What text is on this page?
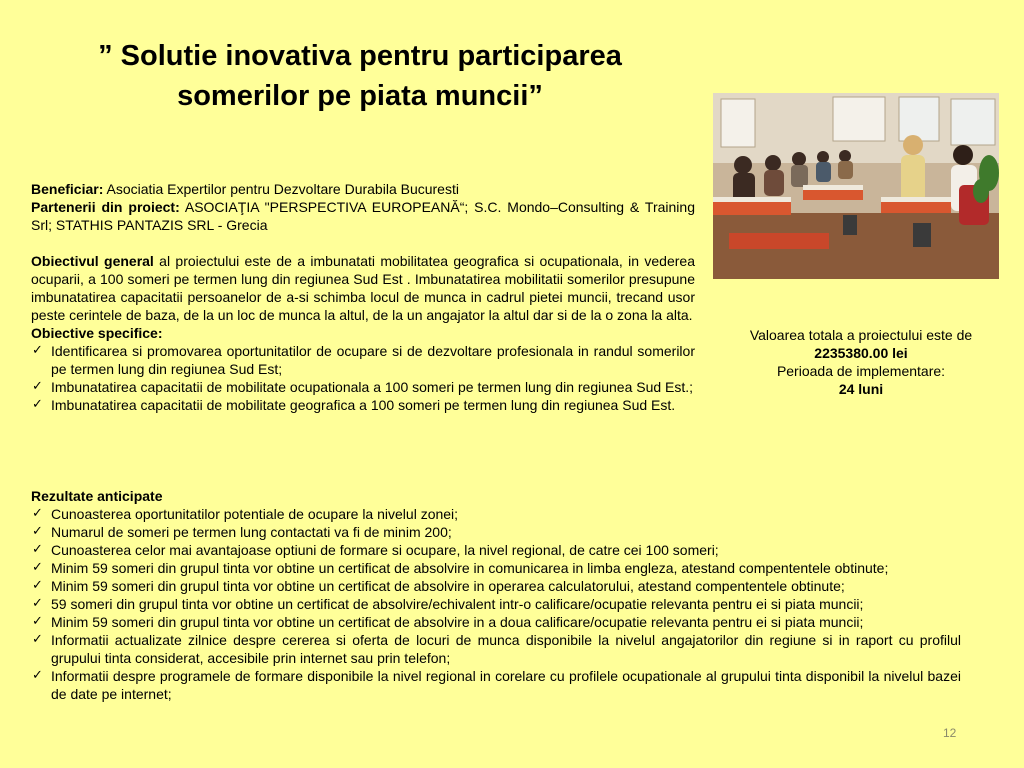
” Solutie inovativa pentru participarea
somerilor pe piata muncii”

Beneficiar: Asociatia Expertilor pentru Dezvoltare Durabila Bucuresti

Partenerii din proiect: ASOCIAŢIA "PERSPECTIVA EUROPEANĂ“; S.C. Mondo–Consulting & Training Srl; STATHIS PANTAZIS SRL - Grecia

Obiectivul general al proiectului este de a imbunatati mobilitatea geografica si ocupationala, in vederea ocuparii, a 100 someri pe termen lung din regiunea Sud Est . Imbunatatirea mobilitatii somerilor presupune imbunatatirea capacitatii persoanelor de a-si schimba locul de munca in cadrul pietei muncii, trecand usor peste cerintele de baza, de la un loc de munca la altul, de la un angajator la altul dar si de la o zona la alta.

Obiective specifice:

✓ Identificarea si promovarea oportunitatilor de ocupare si de dezvoltare profesionala in randul somerilor pe termen lung din regiunea Sud Est;
✓ Imbunatatirea capacitatii de mobilitate ocupationala a 100 someri pe termen lung din regiunea Sud Est.;
✓ Imbunatatirea capacitatii de mobilitate geografica a 100 someri pe termen lung din regiunea Sud Est.
Valoarea totala a proiectului este de
2235380.00 lei
Perioada de implementare:
24 luni
Rezultate anticipate
✓ Cunoasterea oportunitatilor potentiale de ocupare la nivelul zonei;
✓ Numarul de someri pe termen lung contactati va fi de minim 200;
✓ Cunoasterea celor mai avantajoase optiuni de formare si ocupare, la nivel regional, de catre cei 100 someri;
✓ Minim 59 someri din grupul tinta vor obtine un certificat de absolvire in comunicarea in limba engleza, atestand compententele obtinute;
✓ Minim 59 someri din grupul tinta vor obtine un certificat de absolvire in operarea calculatorului, atestand compententele obtinute;
✓ 59 someri din grupul tinta vor obtine un certificat de absolvire/echivalent intr-o calificare/ocupatie relevanta pentru ei si piata muncii;
✓ Minim 59 someri din grupul tinta vor obtine un certificat de absolvire in a doua calificare/ocupatie relevanta pentru ei si piata muncii;
✓ Informatii actualizate zilnice despre cererea si oferta de locuri de munca disponibile la nivelul angajatorilor din regiune si in raport cu profilul grupului tinta considerat, accesibile prin internet sau prin telefon;
✓ Informatii despre programele de formare disponibile la nivel regional in corelare cu profilele ocupationale al grupului tinta disponibil la nivelul bazei de date pe internet;
12
